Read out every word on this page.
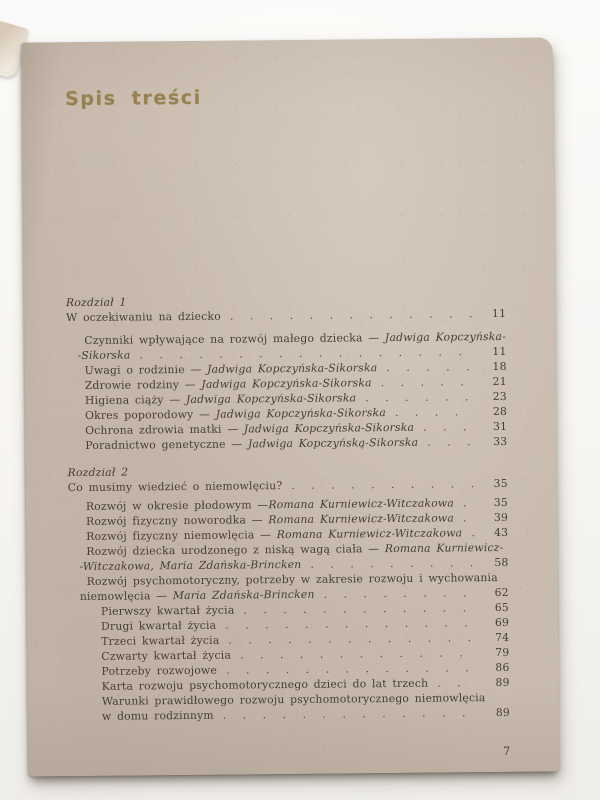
Spis treści
Rozdział 1
W oczekiwaniu na dziecko .....	11
Czynniki wpływające na rozwój małego dziecka — Jadwiga Kopczyńska-
-Sikorska .....	11
Uwagi o rodzinie — Jadwiga Kopczyńska-Sikorska .....	18
Zdrowie rodziny — Jadwiga Kopczyńska-Sikorska .....	21
Higiena ciąży — Jadwiga Kopczyńska-Sikorska .....	23
Okres poporodowy — Jadwiga Kopczyńska-Sikorska .....	28
Ochrona zdrowia matki — Jadwiga Kopczyńska-Sikorska .....	31
Poradnictwo genetyczne — Jadwiga Kopczyńską-Sikorska .....	33
Rozdział 2
Co musimy wiedzieć o niemowlęciu? .....	35
Rozwój w okresie płodowym —Romana Kurniewicz-Witczakowa .....	35
Rozwój fizyczny noworodka — Romana Kurniewicz-Witczakowa .....	39
Rozwój fizyczny niemowlęcia — Romana Kurniewicz-Witczakowa .....	43
Rozwój dziecka urodzonego z niską wagą ciała — Romana Kurniewicz-
-Witczakowa, Maria Zdańska-Brincken .....	58
Rozwój psychomotoryczny, potrzeby w zakresie rozwoju i wychowania
niemowlęcia — Maria Zdańska-Brincken .....	62
Pierwszy kwartał życia .....	65
Drugi kwartał życia .....	69
Trzeci kwartał życia .....	74
Czwarty kwartał życia .....	79
Potrzeby rozwojowe .....	86
Karta rozwoju psychomotorycznego dzieci do lat trzech .....	89
Warunki prawidłowego rozwoju psychomotorycznego niemowlęcia
w domu rodzinnym .....	89
7
